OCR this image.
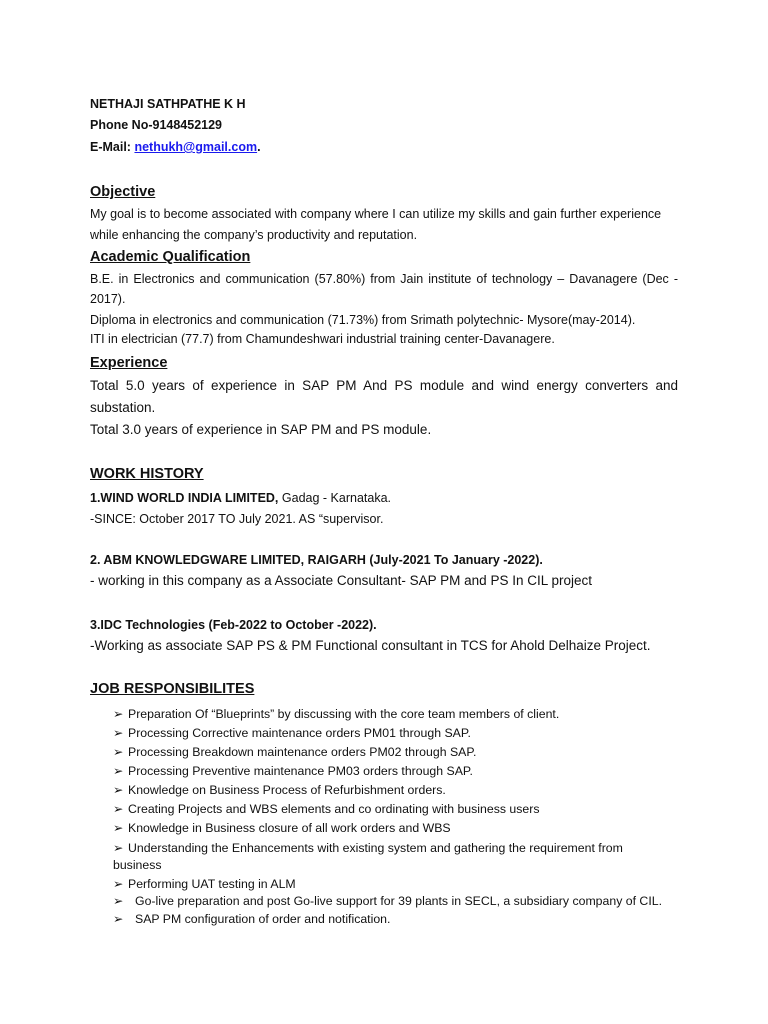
NETHAJI SATHPATHE K H
Phone No-9148452129
E-Mail: nethukh@gmail.com.
Objective
My goal is to become associated with company where I can utilize my skills and gain further experience
while enhancing the company’s productivity and reputation.
Academic Qualification
B.E. in Electronics and communication (57.80%) from Jain institute of technology – Davanagere (Dec -
2017).
Diploma in electronics and communication (71.73%) from Srimath polytechnic- Mysore(may-2014).
ITI in electrician (77.7) from Chamundeshwari industrial training center-Davanagere.
Experience
Total 5.0 years of experience in SAP PM And PS module and wind energy converters and
substation.
Total 3.0 years of experience in SAP PM and PS module.
WORK HISTORY
1.WIND WORLD INDIA LIMITED, Gadag - Karnataka.
-SINCE: October 2017 TO July 2021. AS “supervisor.
2. ABM KNOWLEDGWARE LIMITED, RAIGARH (July-2021 To January -2022).
- working in this company as a Associate Consultant- SAP PM and PS In CIL project
3.IDC Technologies (Feb-2022 to October -2022).
-Working as associate SAP PS & PM Functional consultant in TCS for Ahold Delhaize Project.
JOB RESPONSIBILITES
➢ Preparation Of “Blueprints” by discussing with the core team members of client.
➢ Processing Corrective maintenance orders PM01 through SAP.
➢ Processing Breakdown maintenance orders PM02 through SAP.
➢ Processing Preventive maintenance PM03 orders through SAP.
➢ Knowledge on Business Process of Refurbishment orders.
➢ Creating Projects and WBS elements and co ordinating with business users
➢ Knowledge in Business closure of all work orders and WBS
➢ Understanding the Enhancements with existing system and gathering the requirement from
business
➢ Performing UAT testing in ALM
➢ Go-live preparation and post Go-live support for 39 plants in SECL, a subsidiary company of CIL.
➢ SAP PM configuration of order and notification.
